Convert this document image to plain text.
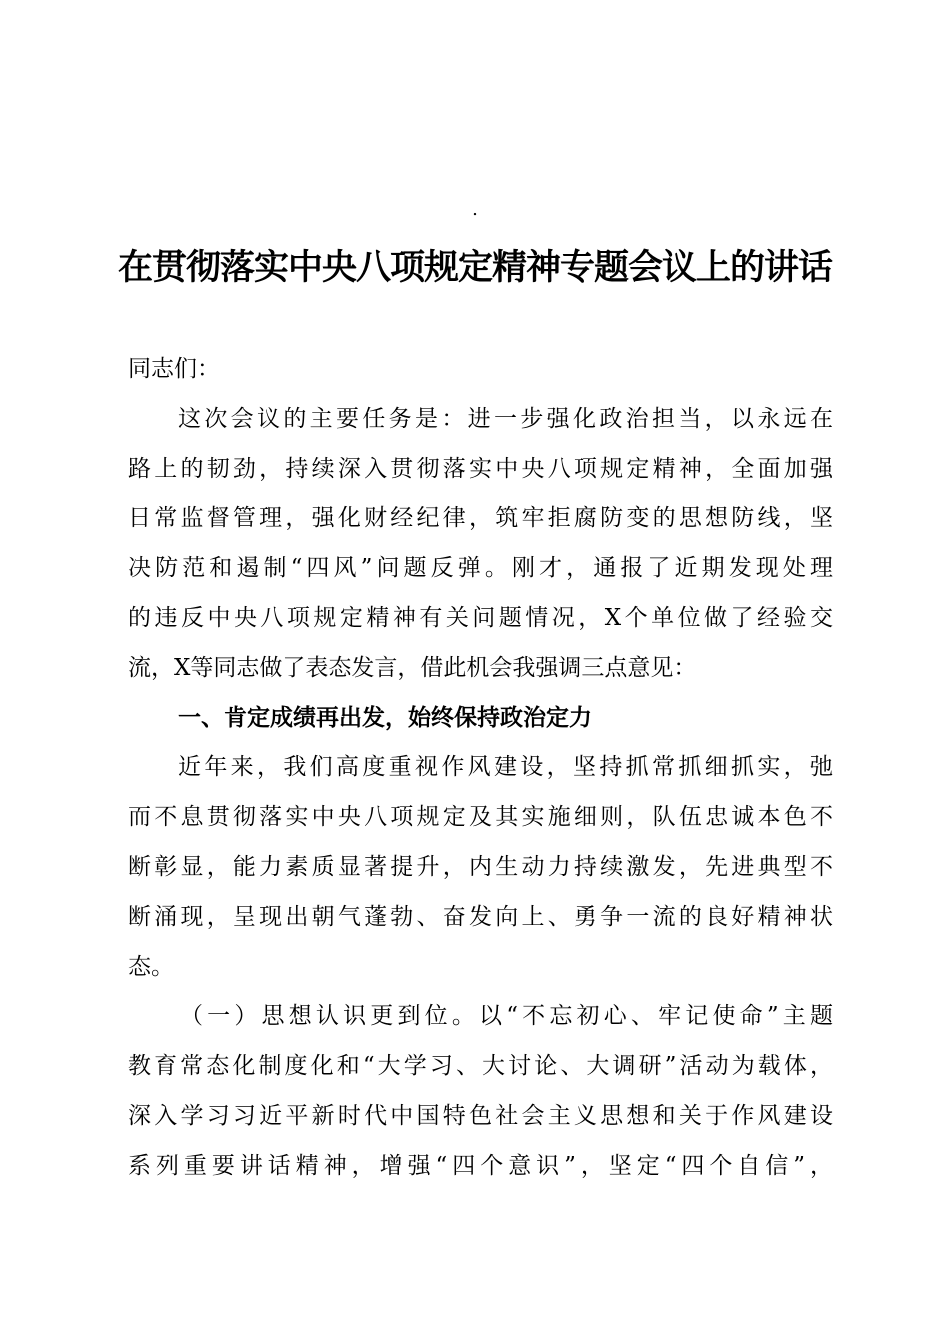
.
在贯彻落实中央八项规定精神专题会议上的讲话
同志们：
这次会议的主要任务是：进一步强化政治担当，以永远在
路上的韧劲，持续深入贯彻落实中央八项规定精神，全面加强
日常监督管理，强化财经纪律，筑牢拒腐防变的思想防线，坚
决防范和遏制“四风”问题反弹。刚才，通报了近期发现处理
的违反中央八项规定精神有关问题情况，X个单位做了经验交
流，X等同志做了表态发言，借此机会我强调三点意见：
一、肯定成绩再出发，始终保持政治定力
近年来，我们高度重视作风建设，坚持抓常抓细抓实，弛
而不息贯彻落实中央八项规定及其实施细则，队伍忠诚本色不
断彰显，能力素质显著提升，内生动力持续激发，先进典型不
断涌现，呈现出朝气蓬勃、奋发向上、勇争一流的良好精神状
态。
（一）思想认识更到位。以“不忘初心、牢记使命”主题
教育常态化制度化和“大学习、大讨论、大调研”活动为载体，
深入学习习近平新时代中国特色社会主义思想和关于作风建设
系列重要讲话精神，增强“四个意识”，坚定“四个自信”，
